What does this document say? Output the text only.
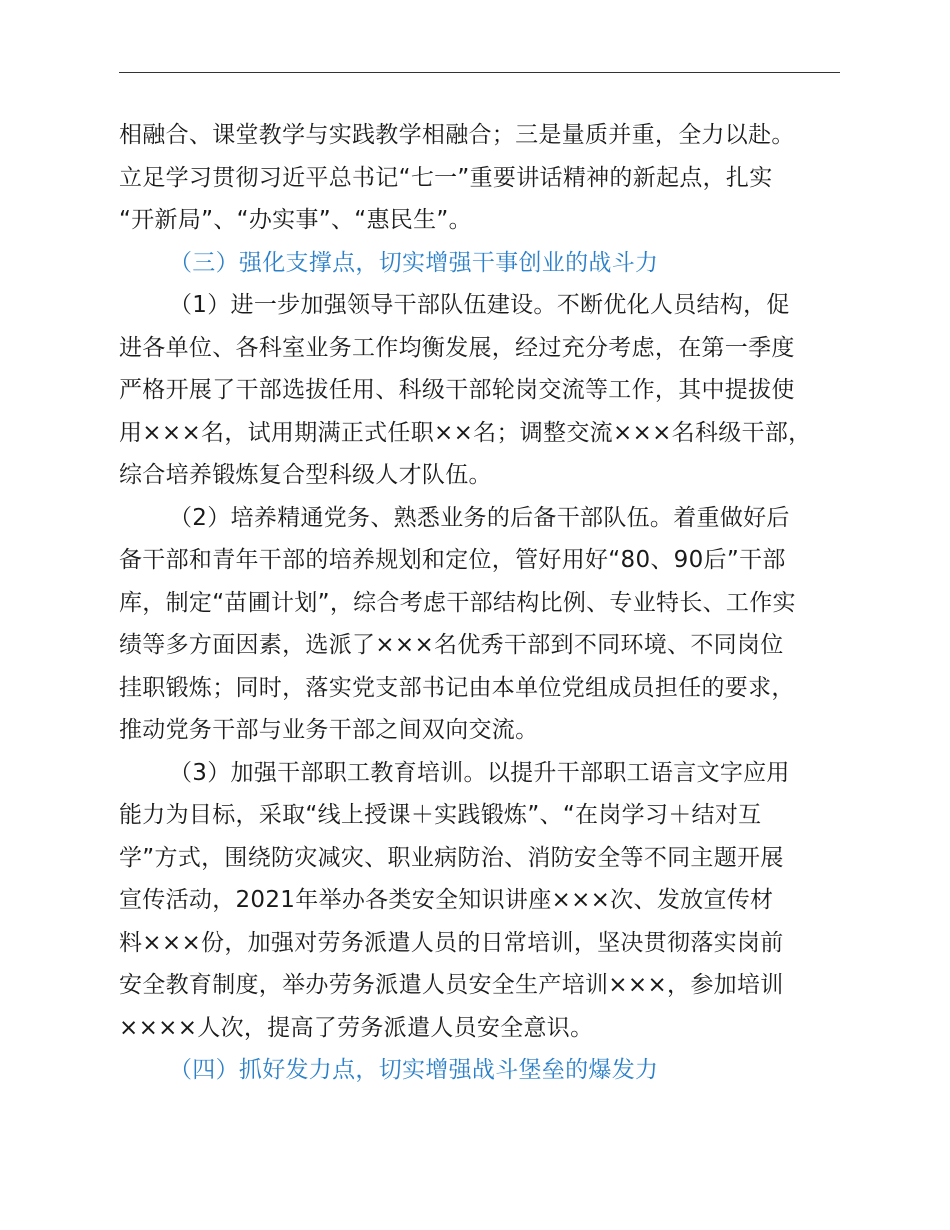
相融合、课堂教学与实践教学相融合；三是量质并重，全力以赴。
立足学习贯彻习近平总书记“七一”重要讲话精神的新起点，扎实
“开新局”、“办实事”、“惠民生”。

（三）强化支撑点，切实增强干事创业的战斗力

（1）进一步加强领导干部队伍建设。不断优化人员结构，促
进各单位、各科室业务工作均衡发展，经过充分考虑，在第一季度
严格开展了干部选拔任用、科级干部轮岗交流等工作，其中提拔使
用×××名，试用期满正式任职××名；调整交流×××名科级干部，
综合培养锻炼复合型科级人才队伍。

（2）培养精通党务、熟悉业务的后备干部队伍。着重做好后
备干部和青年干部的培养规划和定位，管好用好“80、90后”干部
库，制定“苗圃计划”，综合考虑干部结构比例、专业特长、工作实
绩等多方面因素，选派了×××名优秀干部到不同环境、不同岗位
挂职锻炼；同时，落实党支部书记由本单位党组成员担任的要求，
推动党务干部与业务干部之间双向交流。

（3）加强干部职工教育培训。以提升干部职工语言文字应用
能力为目标，采取“线上授课＋实践锻炼”、“在岗学习＋结对互
学”方式，围绕防灾减灾、职业病防治、消防安全等不同主题开展
宣传活动，2021年举办各类安全知识讲座×××次、发放宣传材
料×××份，加强对劳务派遣人员的日常培训，坚决贯彻落实岗前
安全教育制度，举办劳务派遣人员安全生产培训×××，参加培训
××××人次，提高了劳务派遣人员安全意识。

（四）抓好发力点，切实增强战斗堡垒的爆发力
